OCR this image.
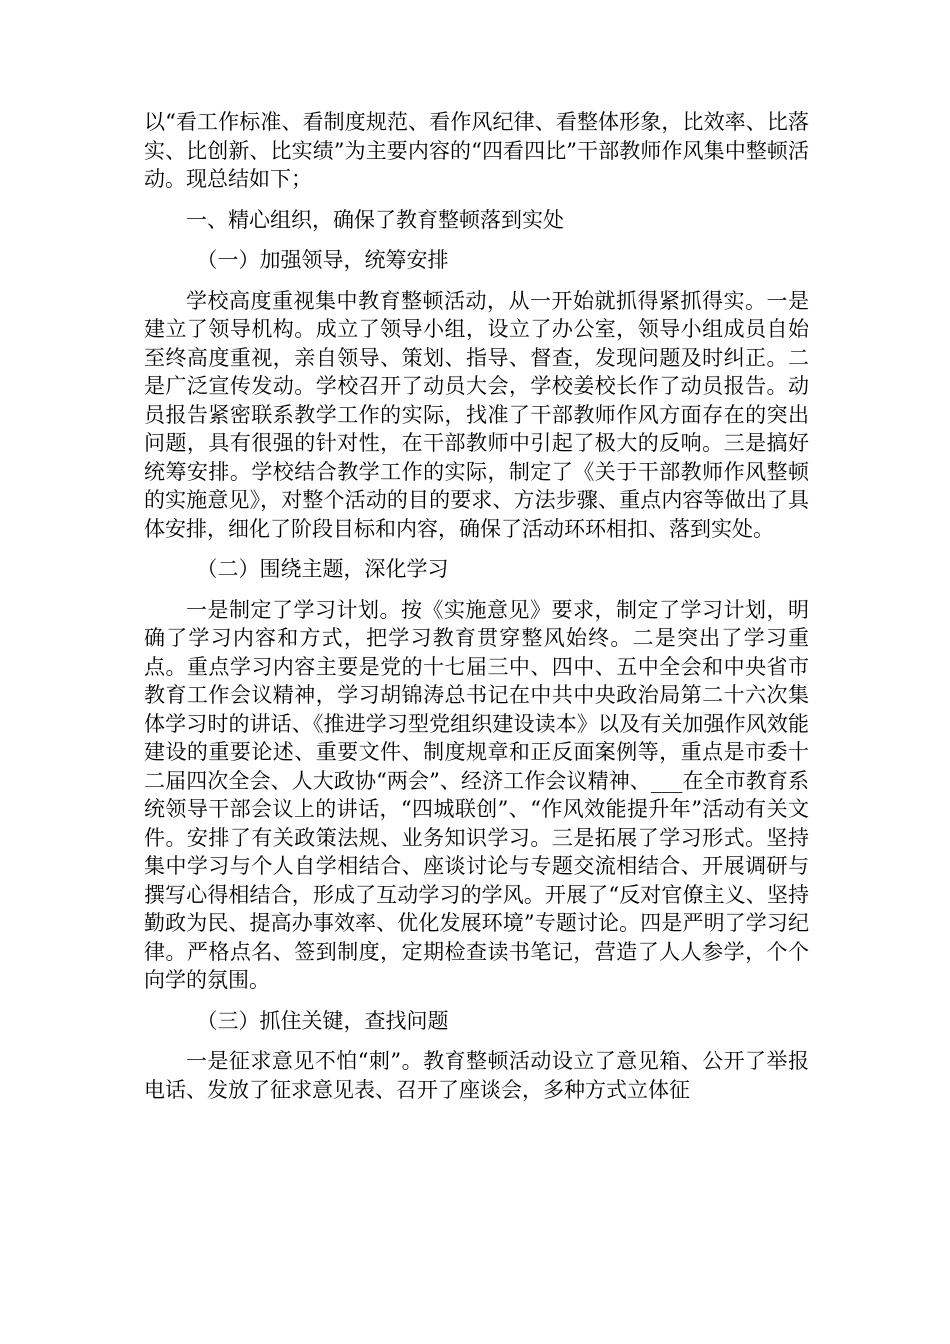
以“看工作标准、看制度规范、看作风纪律、看整体形象，比效率、比落实、比创新、比实绩”为主要内容的“四看四比”干部教师作风集中整顿活动。现总结如下；

一、精心组织，确保了教育整顿落到实处

（一）加强领导，统筹安排

学校高度重视集中教育整顿活动，从一开始就抓得紧抓得实。一是建立了领导机构。成立了领导小组，设立了办公室，领导小组成员自始至终高度重视，亲自领导、策划、指导、督查，发现问题及时纠正。二是广泛宣传发动。学校召开了动员大会，学校姜校长作了动员报告。动员报告紧密联系教学工作的实际，找准了干部教师作风方面存在的突出问题，具有很强的针对性，在干部教师中引起了极大的反响。三是搞好统筹安排。学校结合教学工作的实际，制定了《关于干部教师作风整顿的实施意见》，对整个活动的目的要求、方法步骤、重点内容等做出了具体安排，细化了阶段目标和内容，确保了活动环环相扣、落到实处。

（二）围绕主题，深化学习

一是制定了学习计划。按《实施意见》要求，制定了学习计划，明确了学习内容和方式，把学习教育贯穿整风始终。二是突出了学习重点。重点学习内容主要是党的十七届三中、四中、五中全会和中央省市教育工作会议精神，学习胡锦涛总书记在中共中央政治局第二十六次集体学习时的讲话、《推进学习型党组织建设读本》以及有关加强作风效能建设的重要论述、重要文件、制度规章和正反面案例等，重点是市委十二届四次全会、人大政协“两会”、经济工作会议精神、___在全市教育系统领导干部会议上的讲话，“四城联创”、“作风效能提升年”活动有关文件。安排了有关政策法规、业务知识学习。三是拓展了学习形式。坚持集中学习与个人自学相结合、座谈讨论与专题交流相结合、开展调研与撰写心得相结合，形成了互动学习的学风。开展了“反对官僚主义、坚持勤政为民、提高办事效率、优化发展环境”专题讨论。四是严明了学习纪律。严格点名、签到制度，定期检查读书笔记，营造了人人参学，个个向学的氛围。

（三）抓住关键，查找问题

一是征求意见不怕“刺”。教育整顿活动设立了意见箱、公开了举报电话、发放了征求意见表、召开了座谈会，多种方式立体征
